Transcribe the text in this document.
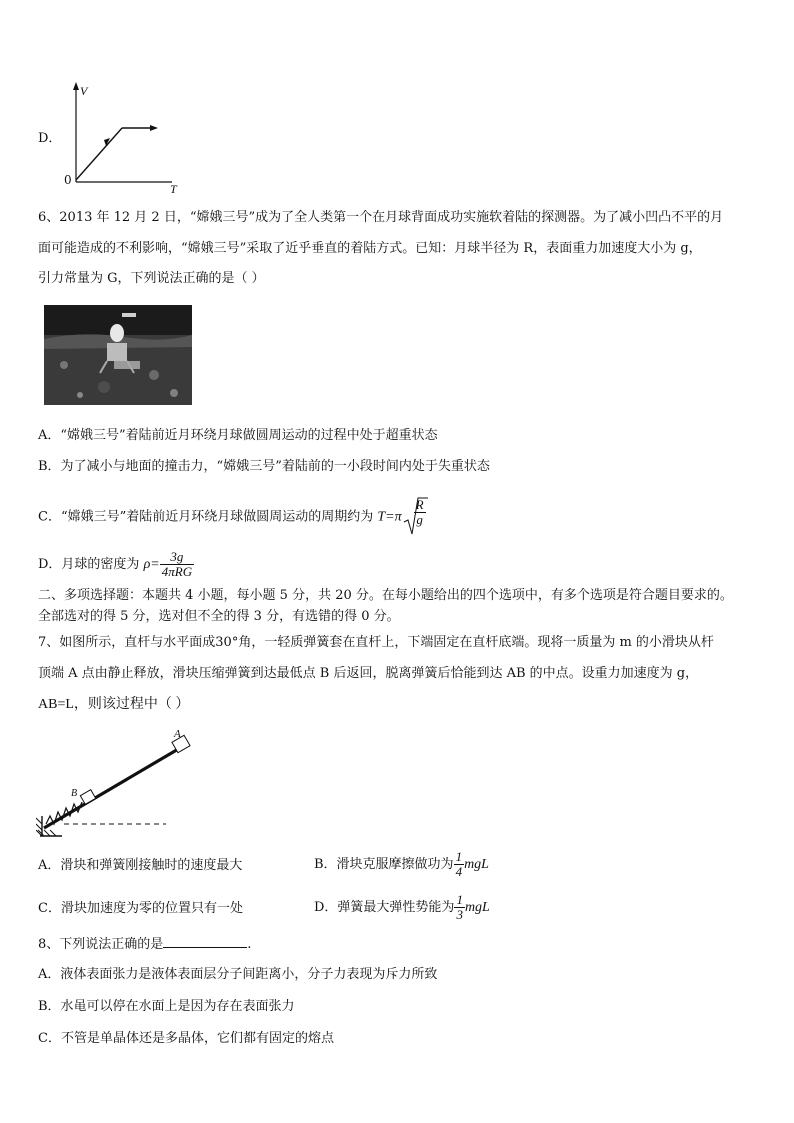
D．
V
T
0
6、2013 年 12 月 2 日，“嫦娥三号”成为了全人类第一个在月球背面成功实施软着陆的探测器。为了减小凹凸不平的月
面可能造成的不利影响，“嫦娥三号”采取了近乎垂直的着陆方式。已知：月球半径为 R，表面重力加速度大小为 g，
引力常量为 G，下列说法正确的是（ ）
A．“嫦娥三号”着陆前近月环绕月球做圆周运动的过程中处于超重状态
B．为了减小与地面的撞击力，“嫦娥三号”着陆前的一小段时间内处于失重状态
C．“嫦娥三号”着陆前近月环绕月球做圆周运动的周期约为 $T=\pi \frac{R}{g}$
D．月球的密度为 $\rho= \frac{3g}{\text{4πRG}}$
二、多项选择题：本题共 4 小题，每小题 5 分，共 20 分。在每小题给出的四个选项中，有多个选项是符合题目要求的。
全部选对的得 5 分，选对但不全的得 3 分，有选错的得 0 分。
7、如图所示，直杆与水平面成30°角，一轻质弹簧套在直杆上，下端固定在直杆底端。现将一质量为 m 的小滑块从杆
顶端 A 点由静止释放，滑块压缩弹簧到达最低点 B 后返回，脱离弹簧后恰能到达 AB 的中点。设重力加速度为 g，
AB=L，则该过程中（ ）
A
B
A．滑块和弹簧刚接触时的速度最大	B．滑块克服摩擦做功为 $\frac{1}{4}$ mgL
C．滑块加速度为零的位置只有一处	D．弹簧最大弹性势能为 $\frac{1}{3}$ mgL
8、下列说法正确的是	.
A．液体表面张力是液体表面层分子间距离小，分子力表现为斥力所致
B．水黾可以停在水面上是因为存在表面张力
C．不管是单晶体还是多晶体，它们都有固定的熔点
